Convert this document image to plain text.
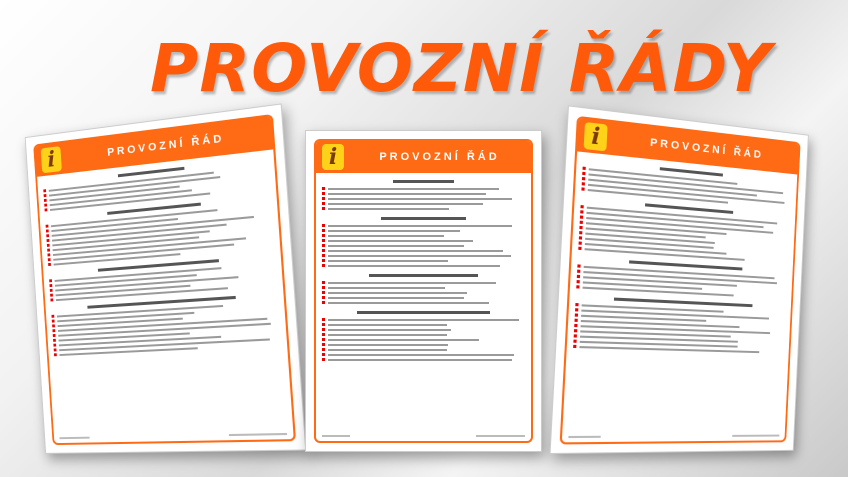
PROVOZNÍ ŘÁDY
i
PROVOZNÍ ŘÁD	i	PROVOZNÍ ŘÁD
i	PROVOZNÍ ŘÁD
